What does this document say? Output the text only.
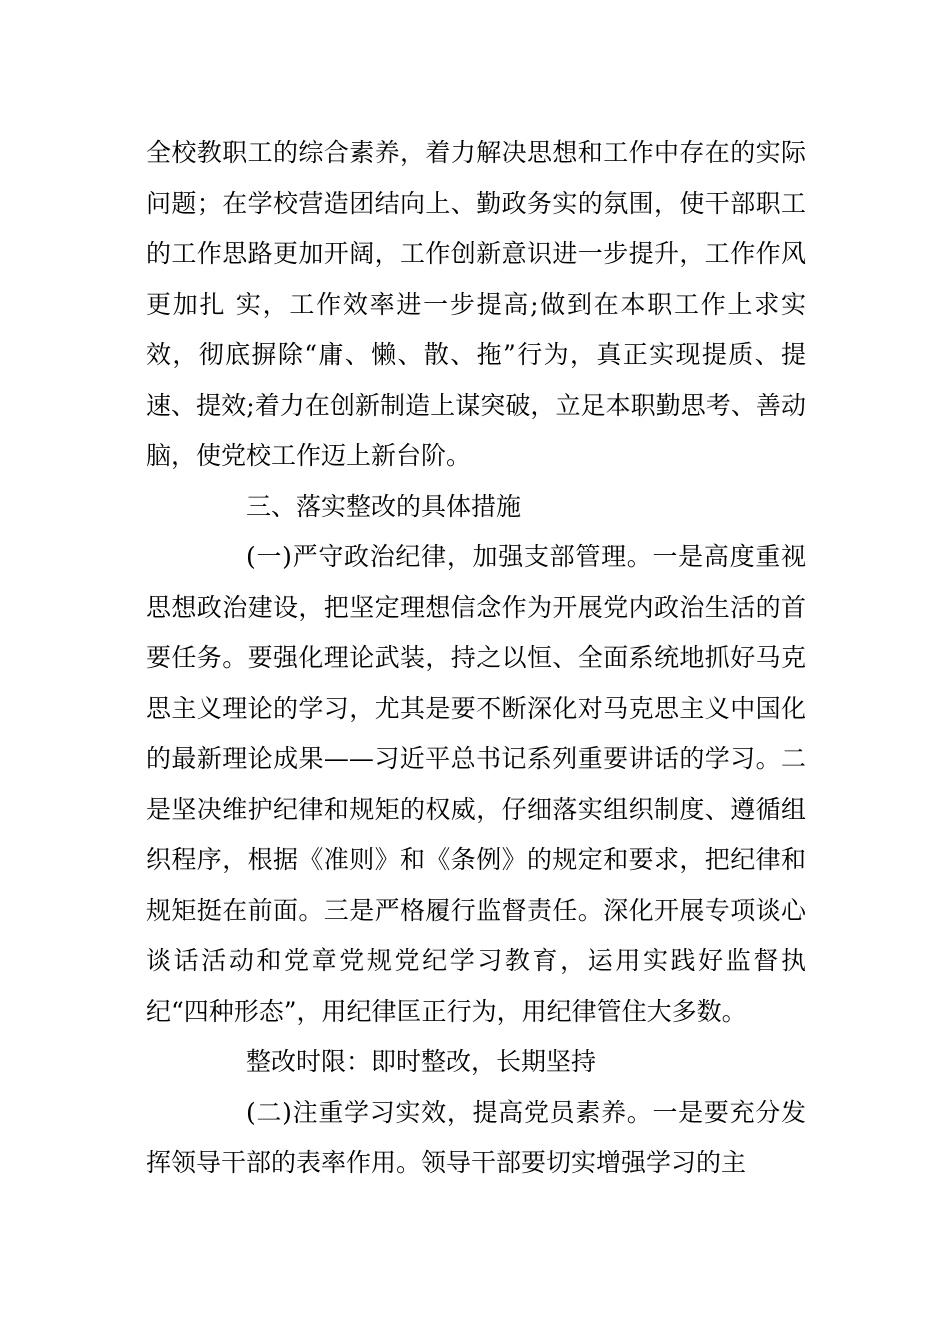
全校教职工的综合素养，着力解决思想和工作中存在的实际问题；在学校营造团结向上、勤政务实的氛围，使干部职工的工作思路更加开阔，工作创新意识进一步提升，工作作风更加扎 实，工作效率进一步提高;做到在本职工作上求实效，彻底摒除“庸、懒、散、拖”行为，真正实现提质、提速、提效;着力在创新制造上谋突破，立足本职勤思考、善动脑，使党校工作迈上新台阶。

三、落实整改的具体措施

(一)严守政治纪律，加强支部管理。一是高度重视思想政治建设，把坚定理想信念作为开展党内政治生活的首要任务。要强化理论武装，持之以恒、全面系统地抓好马克思主义理论的学习，尤其是要不断深化对马克思主义中国化的最新理论成果——习近平总书记系列重要讲话的学习。二是坚决维护纪律和规矩的权威，仔细落实组织制度、遵循组织程序，根据《准则》和《条例》的规定和要求，把纪律和规矩挺在前面。三是严格履行监督责任。深化开展专项谈心谈话活动和党章党规党纪学习教育，运用实践好监督执纪“四种形态”，用纪律匡正行为，用纪律管住大多数。

整改时限：即时整改，长期坚持

(二)注重学习实效，提高党员素养。一是要充分发挥领导干部的表率作用。领导干部要切实增强学习的主
